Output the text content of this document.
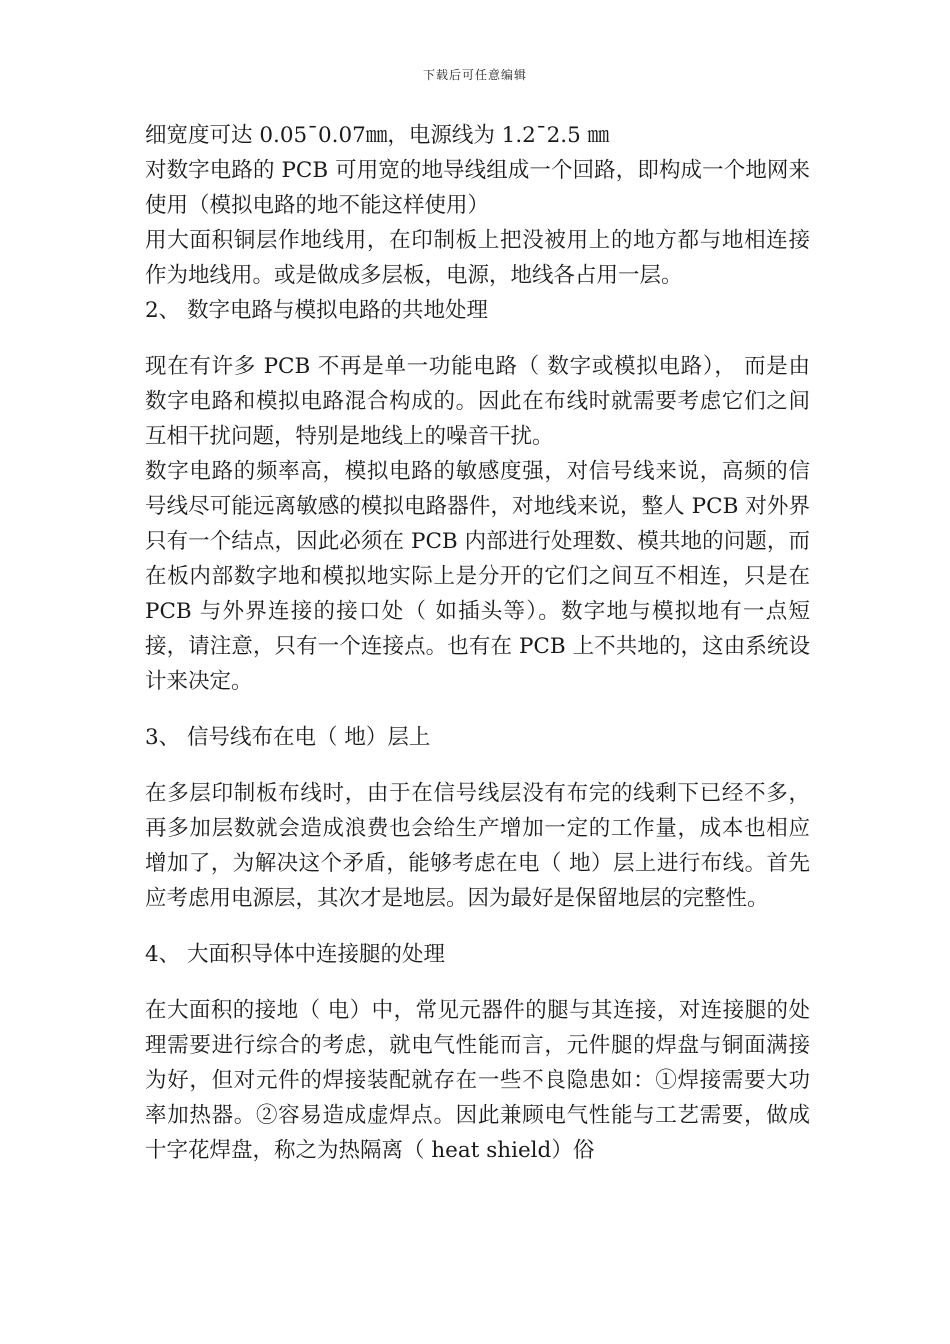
下载后可任意编辑

细宽度可达 0.05¯0.07㎜，电源线为 1.2¯2.5 ㎜

对数字电路的 PCB 可用宽的地导线组成一个回路，即构成一个地网来使用（模拟电路的地不能这样使用）

用大面积铜层作地线用，在印制板上把没被用上的地方都与地相连接作为地线用。或是做成多层板，电源，地线各占用一层。

2、 数字电路与模拟电路的共地处理

现在有许多 PCB 不再是单一功能电路（ 数字或模拟电路）， 而是由数字电路和模拟电路混合构成的。因此在布线时就需要考虑它们之间互相干扰问题，特别是地线上的噪音干扰。

数字电路的频率高，模拟电路的敏感度强，对信号线来说，高频的信号线尽可能远离敏感的模拟电路器件，对地线来说，整人 PCB 对外界只有一个结点，因此必须在 PCB 内部进行处理数、模共地的问题，而在板内部数字地和模拟地实际上是分开的它们之间互不相连，只是在 PCB 与外界连接的接口处（ 如插头等）。数字地与模拟地有一点短接，请注意，只有一个连接点。也有在 PCB 上不共地的，这由系统设计来决定。

3、 信号线布在电（ 地）层上

在多层印制板布线时，由于在信号线层没有布完的线剩下已经不多，再多加层数就会造成浪费也会给生产增加一定的工作量，成本也相应增加了，为解决这个矛盾，能够考虑在电（ 地）层上进行布线。首先应考虑用电源层，其次才是地层。因为最好是保留地层的完整性。

4、 大面积导体中连接腿的处理

在大面积的接地（ 电）中，常见元器件的腿与其连接，对连接腿的处理需要进行综合的考虑，就电气性能而言，元件腿的焊盘与铜面满接为好，但对元件的焊接装配就存在一些不良隐患如：①焊接需要大功率加热器。②容易造成虚焊点。因此兼顾电气性能与工艺需要，做成十字花焊盘，称之为热隔离（ heat shield）俗
